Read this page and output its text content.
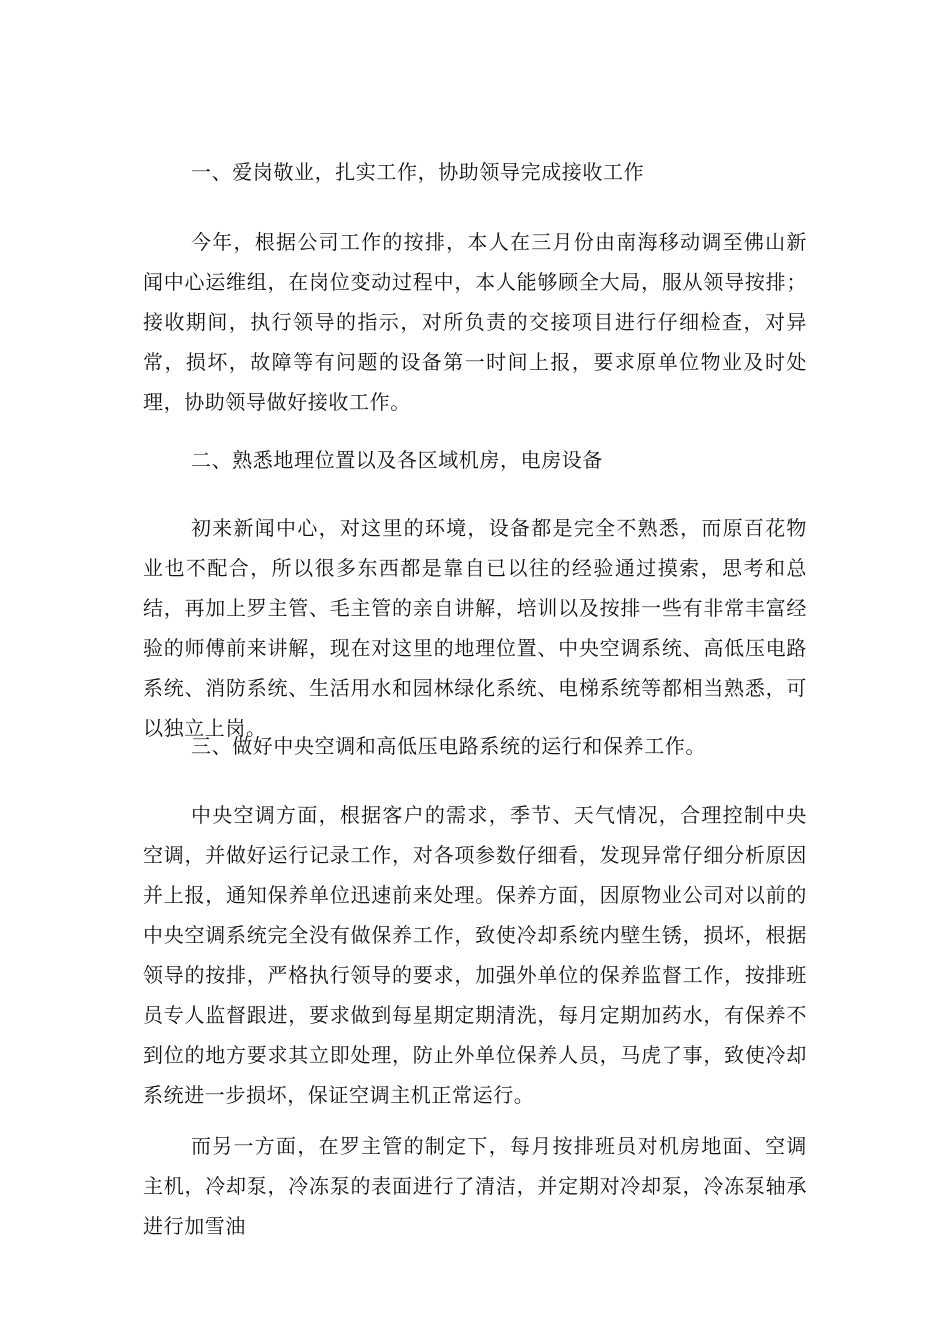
一、爱岗敬业，扎实工作，协助领导完成接收工作
今年，根据公司工作的按排，本人在三月份由南海移动调至佛山新闻中心运维组，在岗位变动过程中，本人能够顾全大局，服从领导按排；接收期间，执行领导的指示，对所负责的交接项目进行仔细检查，对异常，损坏，故障等有问题的设备第一时间上报，要求原单位物业及时处理，协助领导做好接收工作。
二、熟悉地理位置以及各区域机房，电房设备
初来新闻中心，对这里的环境，设备都是完全不熟悉，而原百花物业也不配合，所以很多东西都是靠自已以往的经验通过摸索，思考和总结，再加上罗主管、毛主管的亲自讲解，培训以及按排一些有非常丰富经验的师傅前来讲解，现在对这里的地理位置、中央空调系统、高低压电路系统、消防系统、生活用水和园林绿化系统、电梯系统等都相当熟悉，可以独立上岗。
三、做好中央空调和高低压电路系统的运行和保养工作。
中央空调方面，根据客户的需求，季节、天气情况，合理控制中央空调，并做好运行记录工作，对各项参数仔细看，发现异常仔细分析原因并上报，通知保养单位迅速前来处理。保养方面，因原物业公司对以前的中央空调系统完全没有做保养工作，致使冷却系统内壁生锈，损坏，根据领导的按排，严格执行领导的要求，加强外单位的保养监督工作，按排班员专人监督跟进，要求做到每星期定期清洗，每月定期加药水，有保养不到位的地方要求其立即处理，防止外单位保养人员，马虎了事，致使冷却系统进一步损坏，保证空调主机正常运行。
而另一方面，在罗主管的制定下，每月按排班员对机房地面、空调主机，冷却泵，冷冻泵的表面进行了清洁，并定期对冷却泵，冷冻泵轴承进行加雪油
